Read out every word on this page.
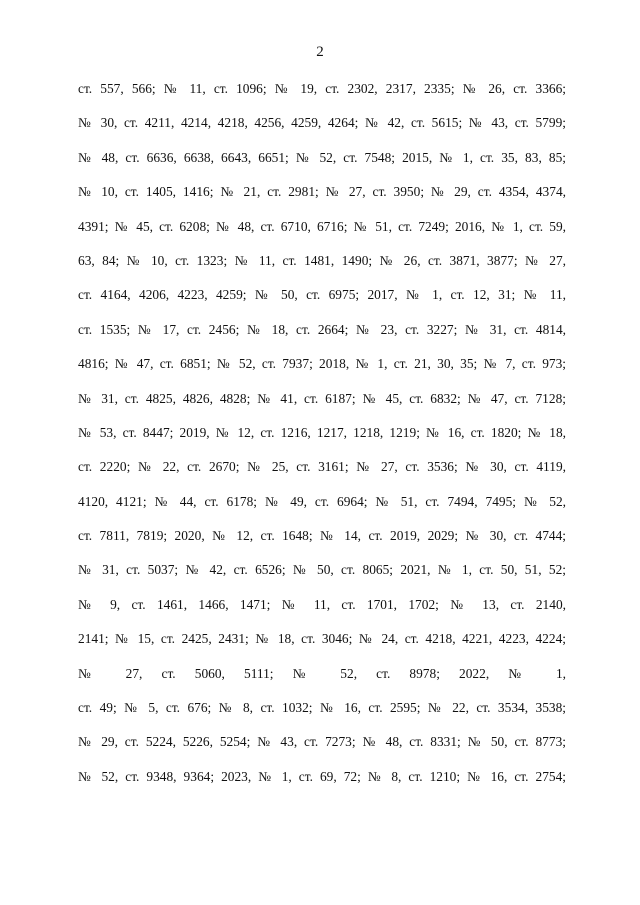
2
ст. 557, 566; № 11, ст. 1096; № 19, ст. 2302, 2317, 2335; № 26, ст. 3366;
№ 30, ст. 4211, 4214, 4218, 4256, 4259, 4264; № 42, ст. 5615; № 43, ст. 5799;
№ 48, ст. 6636, 6638, 6643, 6651; № 52, ст. 7548; 2015, № 1, ст. 35, 83, 85;
№ 10, ст. 1405, 1416; № 21, ст. 2981; № 27, ст. 3950; № 29, ст. 4354, 4374,
4391; № 45, ст. 6208; № 48, ст. 6710, 6716; № 51, ст. 7249; 2016, № 1, ст. 59,
63, 84; № 10, ст. 1323; № 11, ст. 1481, 1490; № 26, ст. 3871, 3877; № 27,
ст. 4164, 4206, 4223, 4259; № 50, ст. 6975; 2017, № 1, ст. 12, 31; № 11,
ст. 1535; № 17, ст. 2456; № 18, ст. 2664; № 23, ст. 3227; № 31, ст. 4814,
4816; № 47, ст. 6851; № 52, ст. 7937; 2018, № 1, ст. 21, 30, 35; № 7, ст. 973;
№ 31, ст. 4825, 4826, 4828; № 41, ст. 6187; № 45, ст. 6832; № 47, ст. 7128;
№ 53, ст. 8447; 2019, № 12, ст. 1216, 1217, 1218, 1219; № 16, ст. 1820; № 18,
ст. 2220; № 22, ст. 2670; № 25, ст. 3161; № 27, ст. 3536; № 30, ст. 4119,
4120, 4121; № 44, ст. 6178; № 49, ст. 6964; № 51, ст. 7494, 7495; № 52,
ст. 7811, 7819; 2020, № 12, ст. 1648; № 14, ст. 2019, 2029; № 30, ст. 4744;
№ 31, ст. 5037; № 42, ст. 6526; № 50, ст. 8065; 2021, № 1, ст. 50, 51, 52;
№ 9, ст. 1461, 1466, 1471; № 11, ст. 1701, 1702; № 13, ст. 2140,
2141; № 15, ст. 2425, 2431; № 18, ст. 3046; № 24, ст. 4218, 4221, 4223, 4224;
№ 27, ст. 5060, 5111; № 52, ст. 8978; 2022, № 1,
ст. 49; № 5, ст. 676; № 8, ст. 1032; № 16, ст. 2595; № 22, ст. 3534, 3538;
№ 29, ст. 5224, 5226, 5254; № 43, ст. 7273; № 48, ст. 8331; № 50, ст. 8773;
№ 52, ст. 9348, 9364; 2023, № 1, ст. 69, 72; № 8, ст. 1210; № 16, ст. 2754;
